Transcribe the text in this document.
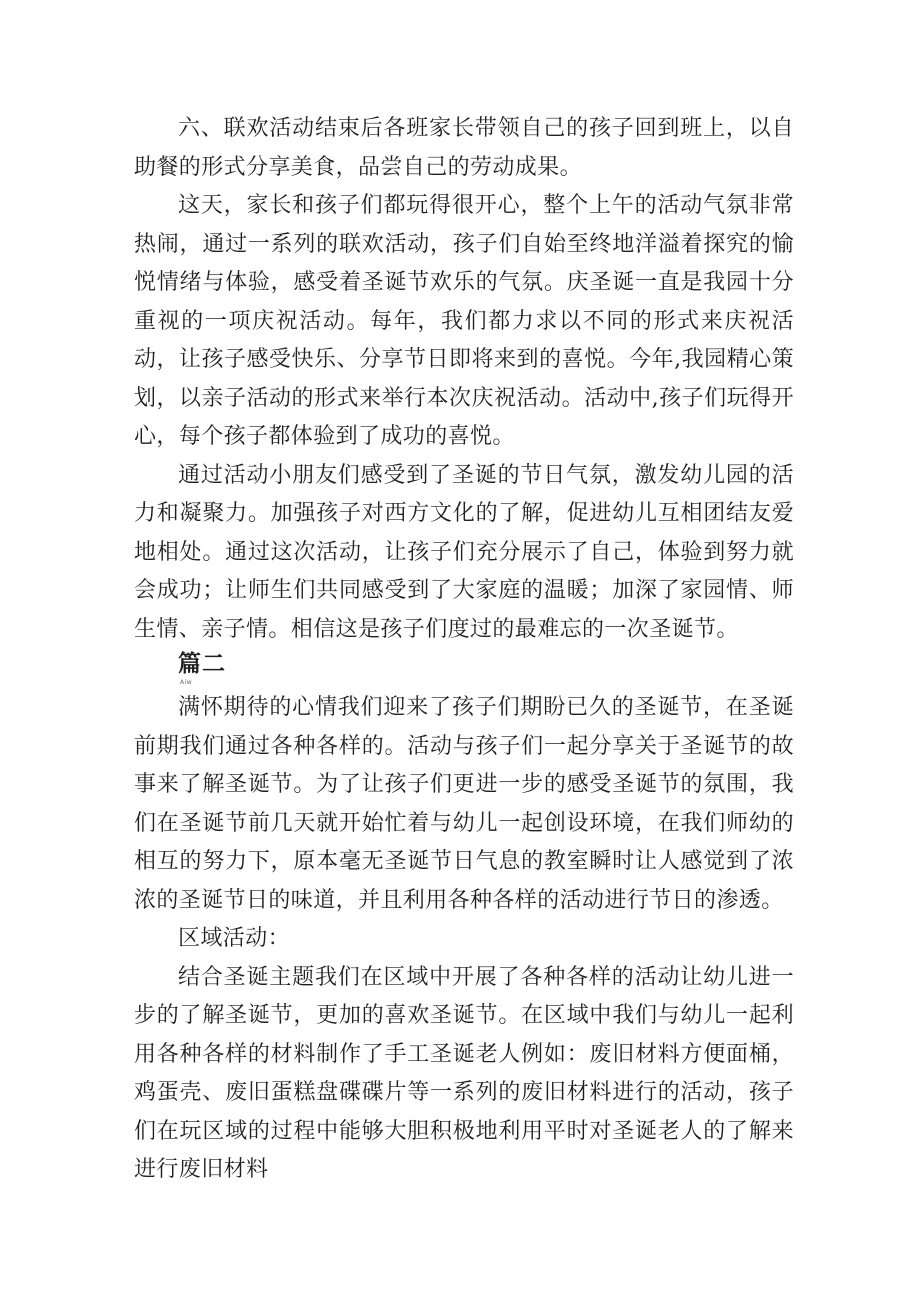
六、联欢活动结束后各班家长带领自己的孩子回到班上，以自助餐的形式分享美食，品尝自己的劳动成果。

这天，家长和孩子们都玩得很开心，整个上午的活动气氛非常热闹，通过一系列的联欢活动，孩子们自始至终地洋溢着探究的愉悦情绪与体验，感受着圣诞节欢乐的气氛。庆圣诞一直是我园十分重视的一项庆祝活动。每年，我们都力求以不同的形式来庆祝活动，让孩子感受快乐、分享节日即将来到的喜悦。今年,我园精心策划，以亲子活动的形式来举行本次庆祝活动。活动中,孩子们玩得开心，每个孩子都体验到了成功的喜悦。

通过活动小朋友们感受到了圣诞的节日气氛，激发幼儿园的活力和凝聚力。加强孩子对西方文化的了解，促进幼儿互相团结友爱地相处。通过这次活动，让孩子们充分展示了自己，体验到努力就会成功；让师生们共同感受到了大家庭的温暖；加深了家园情、师生情、亲子情。相信这是孩子们度过的最难忘的一次圣诞节。

篇二

Aiw

满怀期待的心情我们迎来了孩子们期盼已久的圣诞节，在圣诞前期我们通过各种各样的。活动与孩子们一起分享关于圣诞节的故事来了解圣诞节。为了让孩子们更进一步的感受圣诞节的氛围，我们在圣诞节前几天就开始忙着与幼儿一起创设环境，在我们师幼的相互的努力下，原本毫无圣诞节日气息的教室瞬时让人感觉到了浓浓的圣诞节日的味道，并且利用各种各样的活动进行节日的渗透。

区域活动：

结合圣诞主题我们在区域中开展了各种各样的活动让幼儿进一步的了解圣诞节，更加的喜欢圣诞节。在区域中我们与幼儿一起利用各种各样的材料制作了手工圣诞老人例如：废旧材料方便面桶，鸡蛋壳、废旧蛋糕盘碟碟片等一系列的废旧材料进行的活动，孩子们在玩区域的过程中能够大胆积极地利用平时对圣诞老人的了解来进行废旧材料
